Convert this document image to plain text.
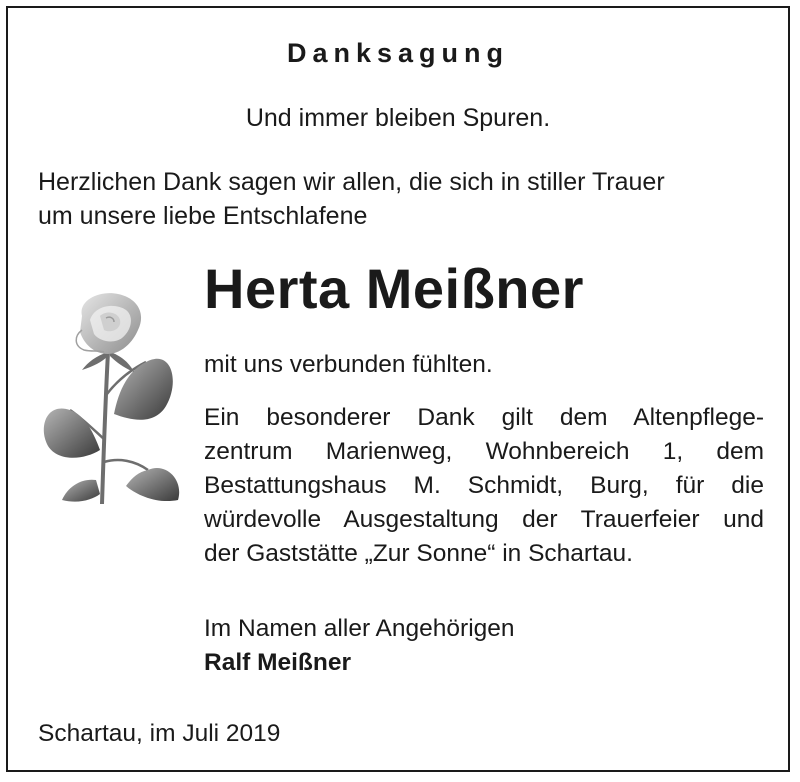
Danksagung

Und immer bleiben Spuren.

Herzlichen Dank sagen wir allen, die sich in stiller Trauer

um unsere liebe Entschlafene

Herta Meißner

mit uns verbunden fühlten.

Ein besonderer Dank gilt dem Altenpflege-
zentrum Marienweg, Wohnbereich 1, dem
Bestattungshaus M. Schmidt, Burg, für die
würdevolle Ausgestaltung der Trauerfeier und
der Gaststätte „Zur Sonne“ in Schartau.

Im Namen aller Angehörigen

Ralf Meißner

Schartau, im Juli 2019
